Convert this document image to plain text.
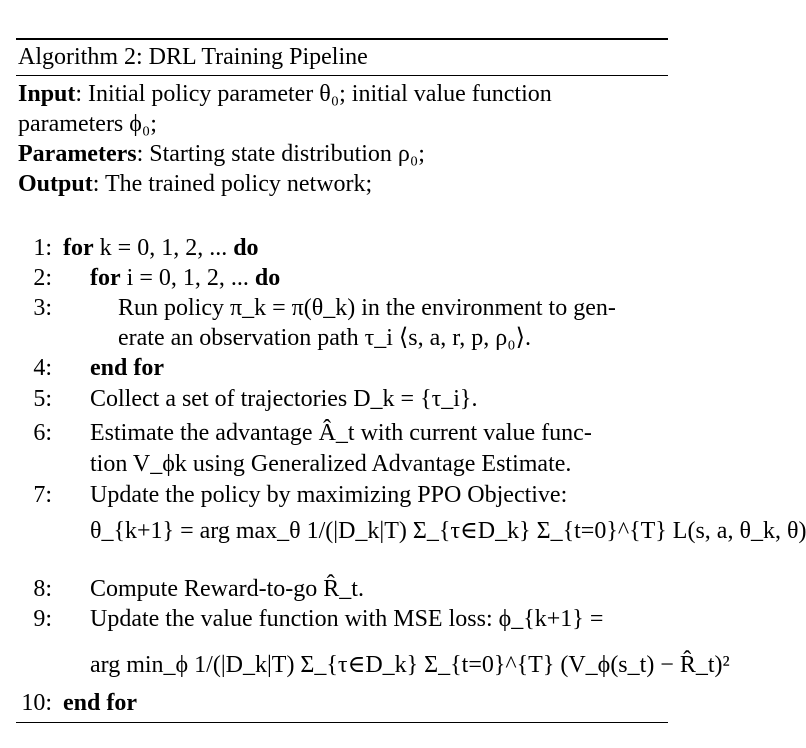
Algorithm 2: DRL Training Pipeline
Input: Initial policy parameter θ₀; initial value function
parameters ϕ₀;
Parameters: Starting state distribution ρ₀;
Output: The trained policy network;
1: for k = 0, 1, 2, ... do
2: for i = 0, 1, 2, ... do
3:	Run policy π_k = π(θ_k) in the environment to gen-
erate an observation path τ_i ⟨s, a, r, p, ρ₀⟩.
4: end for
5: Collect a set of trajectories D_k = {τ_i}.
6: Estimate the advantage Â_t with current value func-
tion V_ϕk using Generalized Advantage Estimate.
7: Update the policy by maximizing PPO Objective:
θ_{k+1} = arg max_θ 1/(|D_k|T) Σ_{τ∈D_k} Σ_{t=0}^{T} L(s, a, θ_k, θ)
8: Compute Reward-to-go R̂_t.
9: Update the value function with MSE loss: ϕ_{k+1} =
arg min_ϕ 1/(|D_k|T) Σ_{τ∈D_k} Σ_{t=0}^{T} (V_ϕ(s_t) − R̂_t)²
10: end for
